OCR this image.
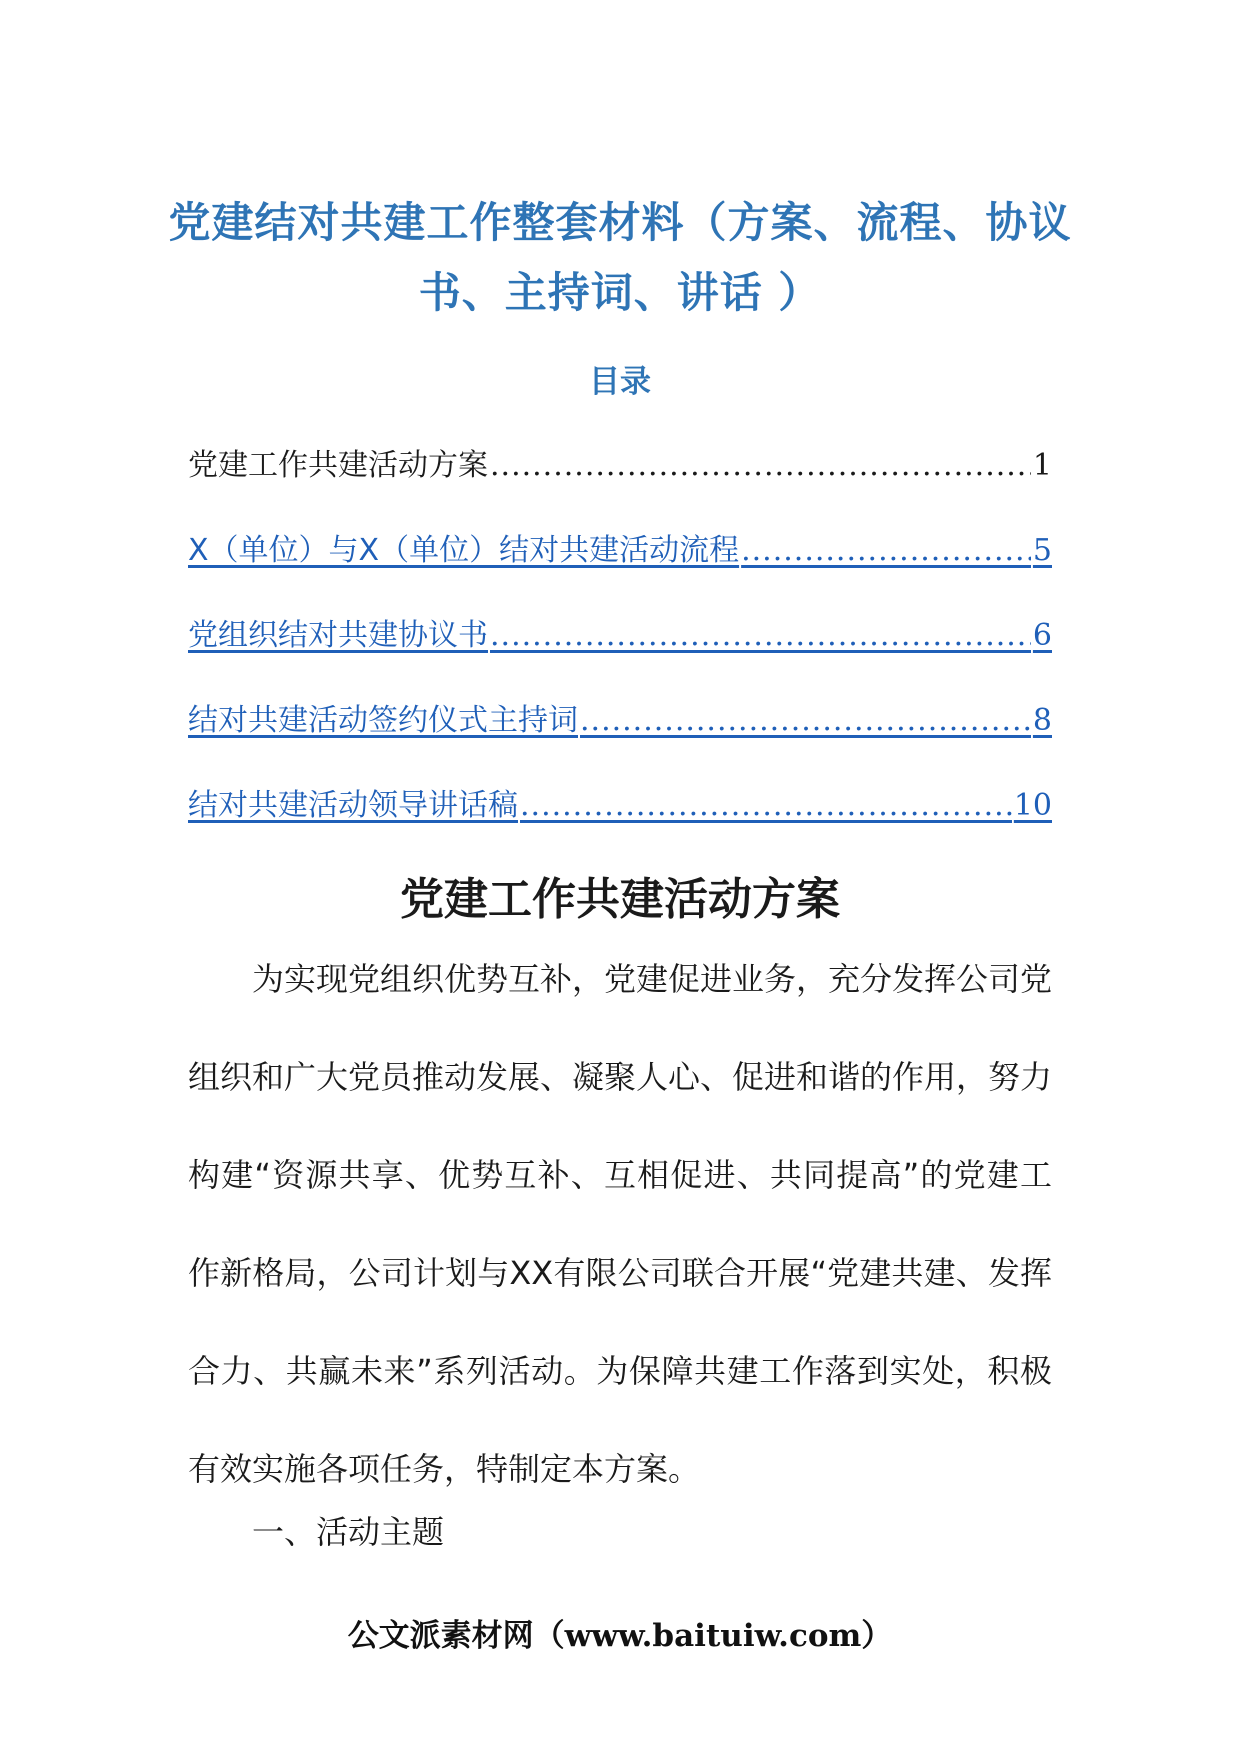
党建结对共建工作整套材料（方案、流程、协议书、主持词、讲话 ）
目录
党建工作共建活动方案 .....	1
X（单位）与X（单位）结对共建活动流程 .....	5
党组织结对共建协议书 .....	6
结对共建活动签约仪式主持词 .....	8
结对共建活动领导讲话稿 .....	10
党建工作共建活动方案

为实现党组织优势互补，党建促进业务，充分发挥公司党组织和广大党员推动发展、凝聚人心、促进和谐的作用，努力构建“资源共享、优势互补、互相促进、共同提高”的党建工作新格局，公司计划与XX有限公司联合开展“党建共建、发挥合力、共赢未来”系列活动。为保障共建工作落到实处，积极有效实施各项任务，特制定本方案。

一、活动主题

公文派素材网（www.baituiw.com）
